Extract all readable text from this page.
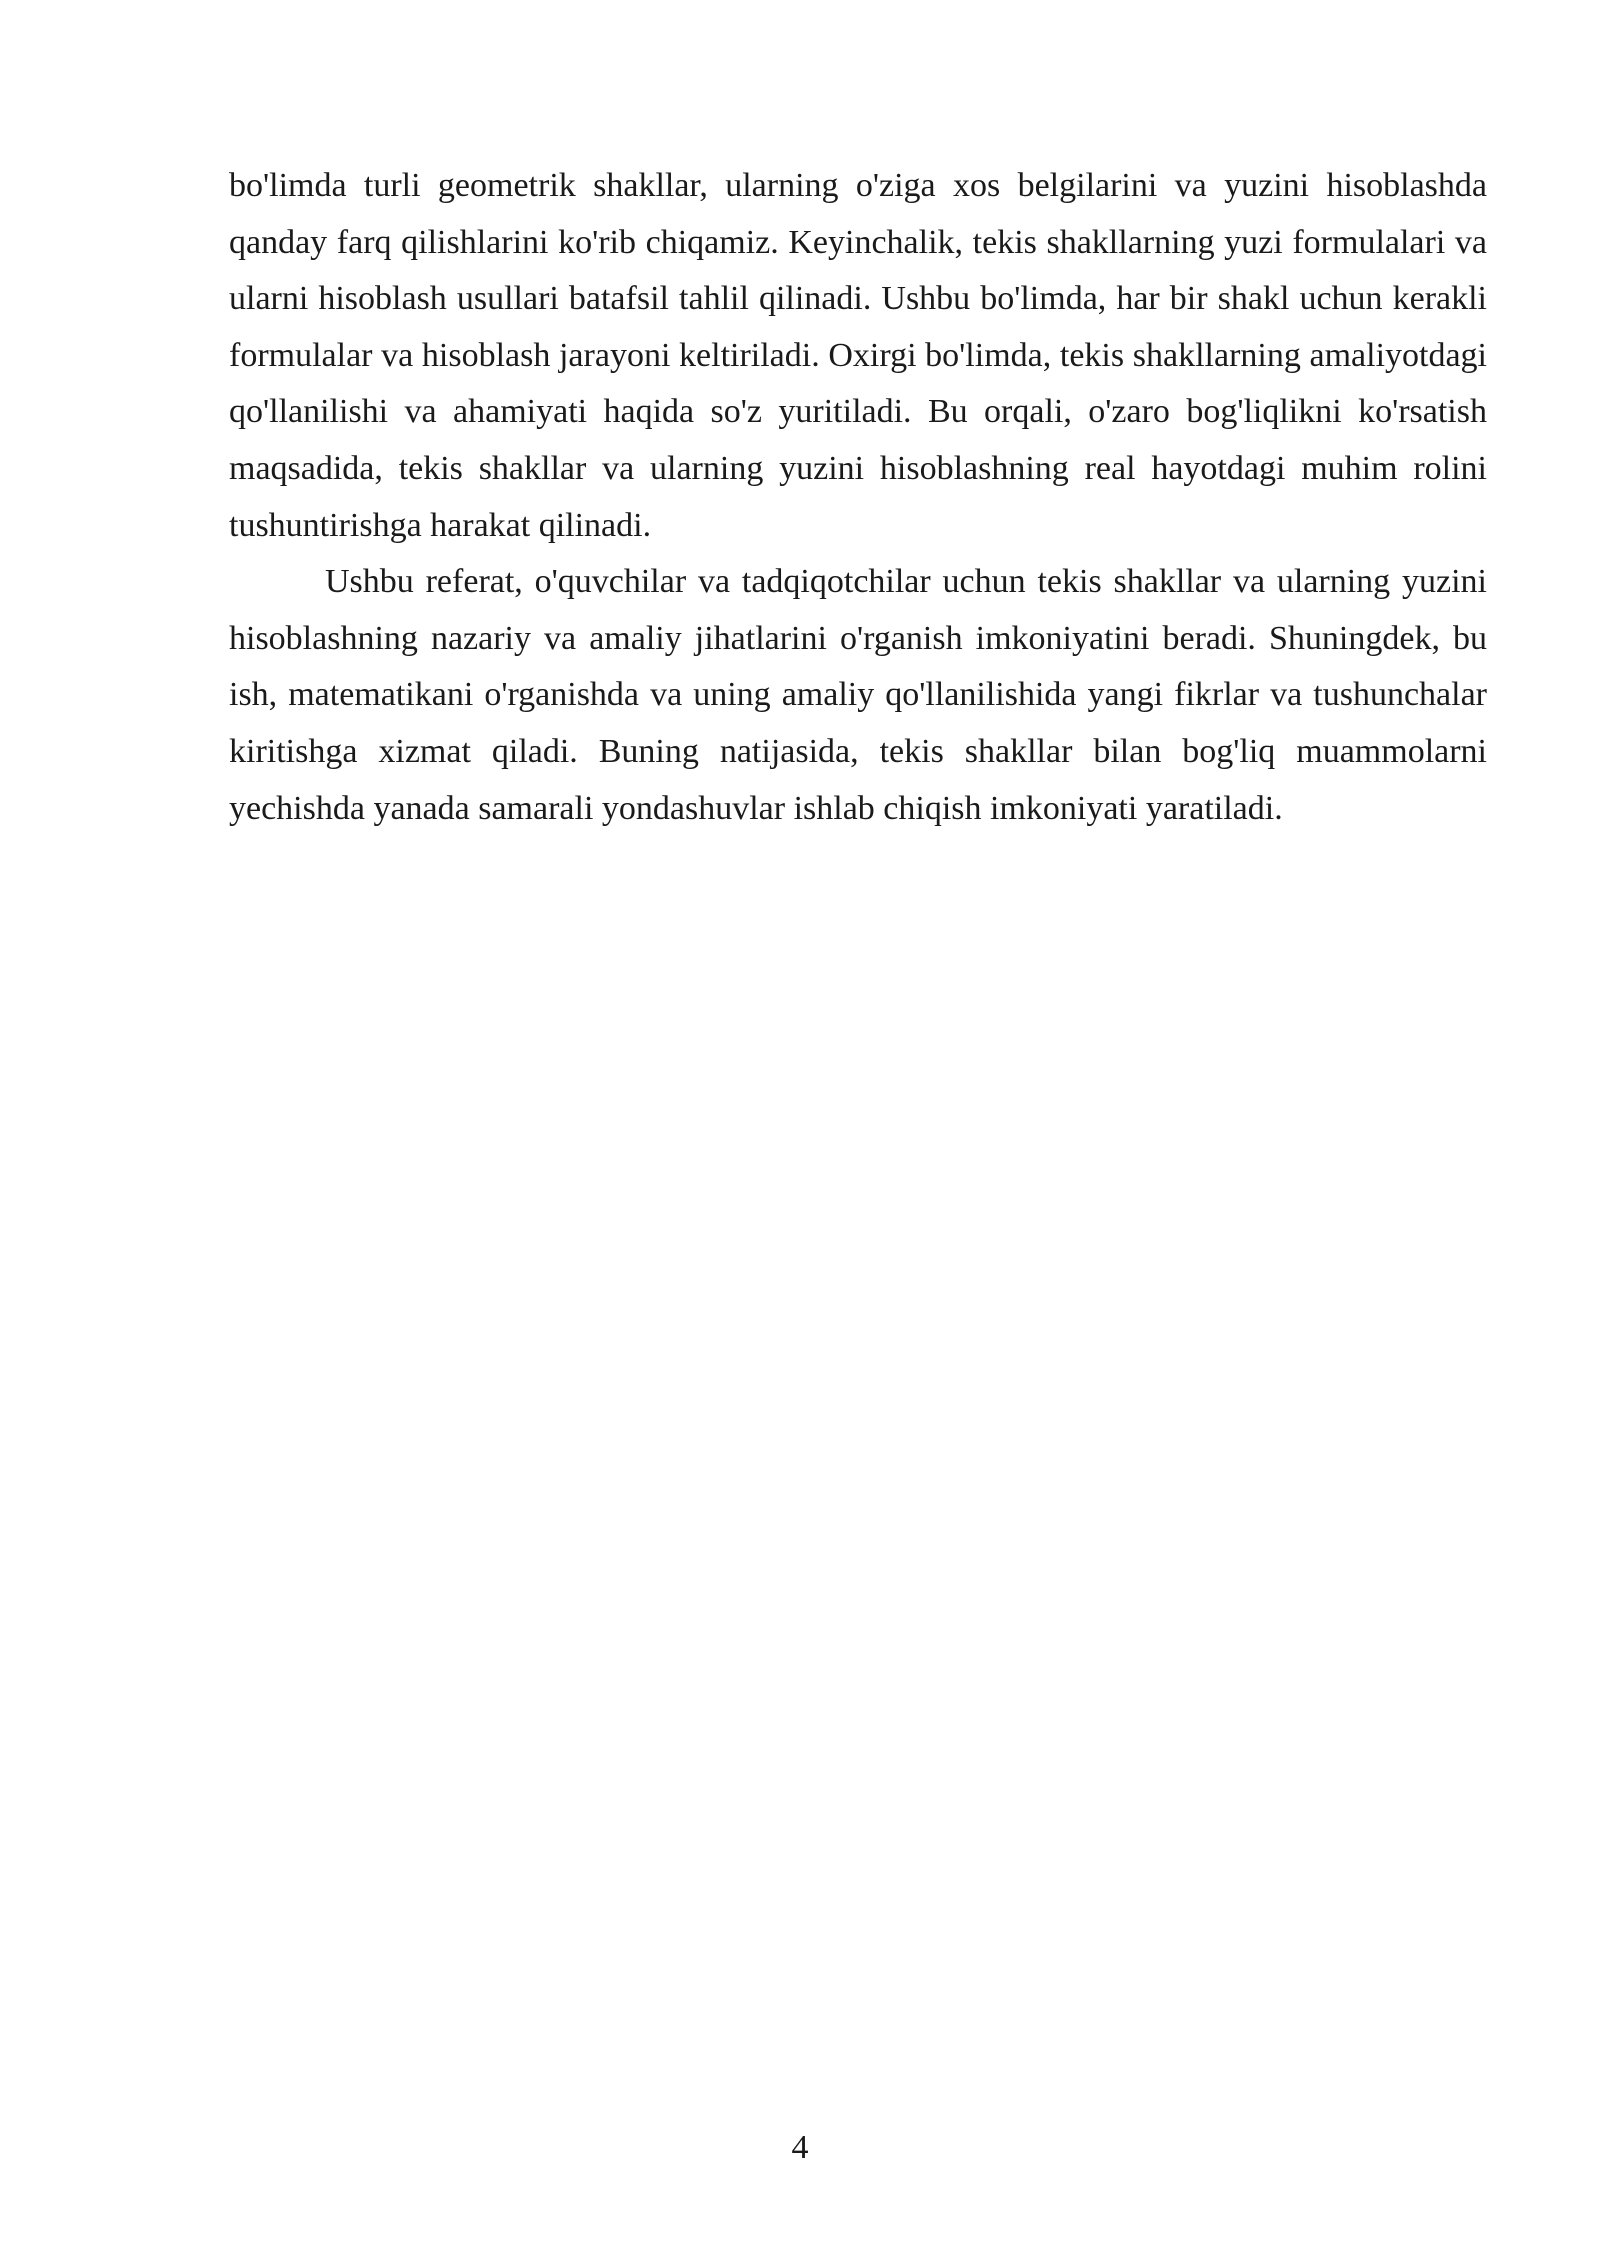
bo'limda turli geometrik shakllar, ularning o'ziga xos belgilarini va yuzini hisoblashda qanday farq qilishlarini ko'rib chiqamiz. Keyinchalik, tekis shakllarning yuzi formulalari va ularni hisoblash usullari batafsil tahlil qilinadi. Ushbu bo'limda, har bir shakl uchun kerakli formulalar va hisoblash jarayoni keltiriladi. Oxirgi bo'limda, tekis shakllarning amaliyotdagi qo'llanilishi va ahamiyati haqida so'z yuritiladi. Bu orqali, o'zaro bog'liqlikni ko'rsatish maqsadida, tekis shakllar va ularning yuzini hisoblashning real hayotdagi muhim rolini tushuntirishga harakat qilinadi.

Ushbu referat, o'quvchilar va tadqiqotchilar uchun tekis shakllar va ularning yuzini hisoblashning nazariy va amaliy jihatlarini o'rganish imkoniyatini beradi. Shuningdek, bu ish, matematikani o'rganishda va uning amaliy qo'llanilishida yangi fikrlar va tushunchalar kiritishga xizmat qiladi. Buning natijasida, tekis shakllar bilan bog'liq muammolarni yechishda yanada samarali yondashuvlar ishlab chiqish imkoniyati yaratiladi.

4
